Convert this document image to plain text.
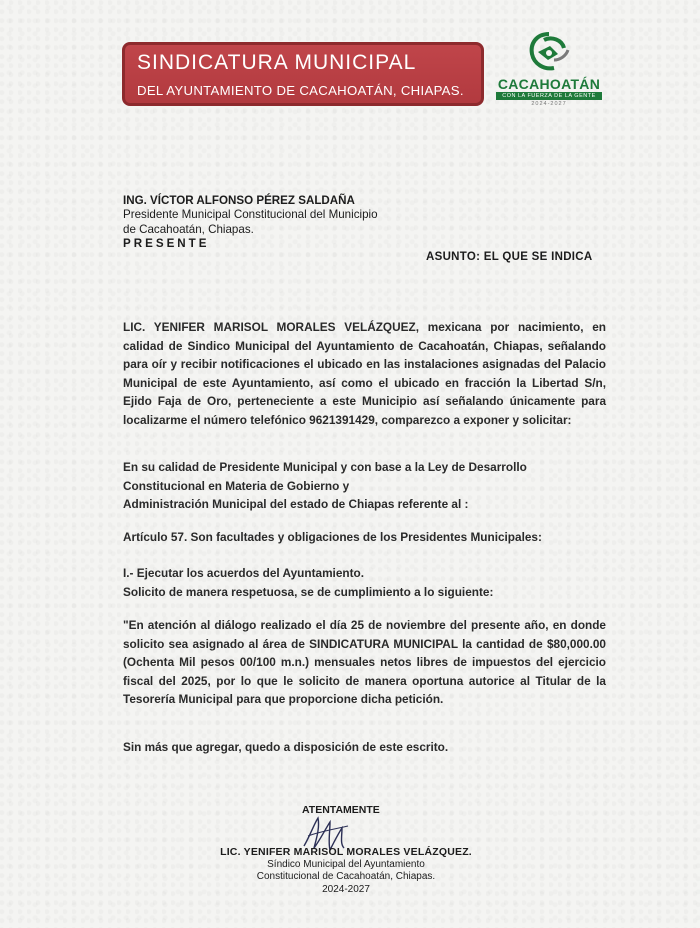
SINDICATURA MUNICIPAL
DEL AYUNTAMIENTO DE CACAHOATÁN, CHIAPAS. CACAHOATÁN
CON LA FUERZA DE LA GENTE
2024-2027
ING. VÍCTOR ALFONSO PÉREZ SALDAÑA
Presidente Municipal Constitucional del Municipio
de Cacahoatán, Chiapas.
PRESENTE
ASUNTO: EL QUE SE INDICA
LIC. YENIFER MARISOL MORALES VELÁZQUEZ, mexicana por nacimiento, en calidad de Sindico Municipal del Ayuntamiento de Cacahoatán, Chiapas, señalando para oír y recibir notificaciones el ubicado en las instalaciones asignadas del Palacio Municipal de este Ayuntamiento, así como el ubicado en fracción la Libertad S/n, Ejido Faja de Oro, perteneciente a este Municipio así señalando únicamente para localizarme el número telefónico 9621391429, comparezco a exponer y solicitar:
En su calidad de Presidente Municipal y con base a la Ley de Desarrollo
Constitucional en Materia de Gobierno y
Administración Municipal del estado de Chiapas referente al :
Artículo 57. Son facultades y obligaciones de los Presidentes Municipales:
I.- Ejecutar los acuerdos del Ayuntamiento.
Solicito de manera respetuosa, se de cumplimiento a lo siguiente:
"En atención al diálogo realizado el día 25 de noviembre del presente año, en donde solicito sea asignado al área de SINDICATURA MUNICIPAL la cantidad de $80,000.00 (Ochenta Mil pesos 00/100 m.n.) mensuales netos libres de impuestos del ejercicio fiscal del 2025, por lo que le solicito de manera oportuna autorice al Titular de la Tesorería Municipal para que proporcione dicha petición.
Sin más que agregar, quedo a disposición de este escrito.
ATENTAMENTE
LIC. YENIFER MARISOL MORALES VELÁZQUEZ.
Síndico Municipal del Ayuntamiento
Constitucional de Cacahoatán, Chiapas.
2024-2027
